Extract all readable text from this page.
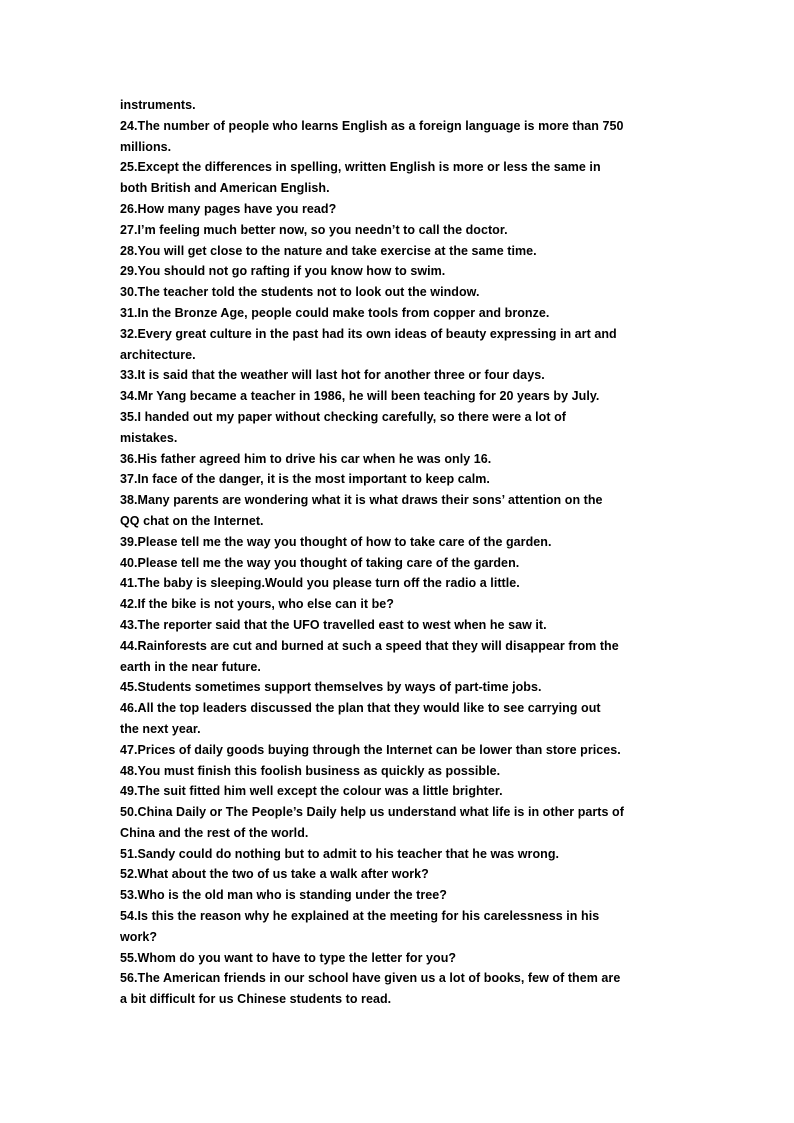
instruments.
24.The number of people who learns English as a foreign language is more than 750
millions.
25.Except the differences in spelling, written English is more or less the same in
both British and American English.
26.How many pages have you read?
27.I’m feeling much better now, so you needn’t to call the doctor.
28.You will get close to the nature and take exercise at the same time.
29.You should not go rafting if you know how to swim.
30.The teacher told the students not to look out the window.
31.In the Bronze Age, people could make tools from copper and bronze.
32.Every great culture in the past had its own ideas of beauty expressing in art and
architecture.
33.It is said that the weather will last hot for another three or four days.
34.Mr Yang became a teacher in 1986, he will been teaching for 20 years by July.
35.I handed out my paper without checking carefully, so there were a lot of
mistakes.
36.His father agreed him to drive his car when he was only 16.
37.In face of the danger, it is the most important to keep calm.
38.Many parents are wondering what it is what draws their sons’ attention on the
QQ chat on the Internet.
39.Please tell me the way you thought of how to take care of the garden.
40.Please tell me the way you thought of taking care of the garden.
41.The baby is sleeping.Would you please turn off the radio a little.
42.If the bike is not yours, who else can it be?
43.The reporter said that the UFO travelled east to west when he saw it.
44.Rainforests are cut and burned at such a speed that they will disappear from the
earth in the near future.
45.Students sometimes support themselves by ways of part-time jobs.
46.All the top leaders discussed the plan that they would like to see carrying out
the next year.
47.Prices of daily goods buying through the Internet can be lower than store prices.
48.You must finish this foolish business as quickly as possible.
49.The suit fitted him well except the colour was a little brighter.
50.China Daily or The People’s Daily help us understand what life is in other parts of
China and the rest of the world.
51.Sandy could do nothing but to admit to his teacher that he was wrong.
52.What about the two of us take a walk after work?
53.Who is the old man who is standing under the tree?
54.Is this the reason why he explained at the meeting for his carelessness in his
work?
55.Whom do you want to have to type the letter for you?
56.The American friends in our school have given us a lot of books, few of them are
a bit difficult for us Chinese students to read.
